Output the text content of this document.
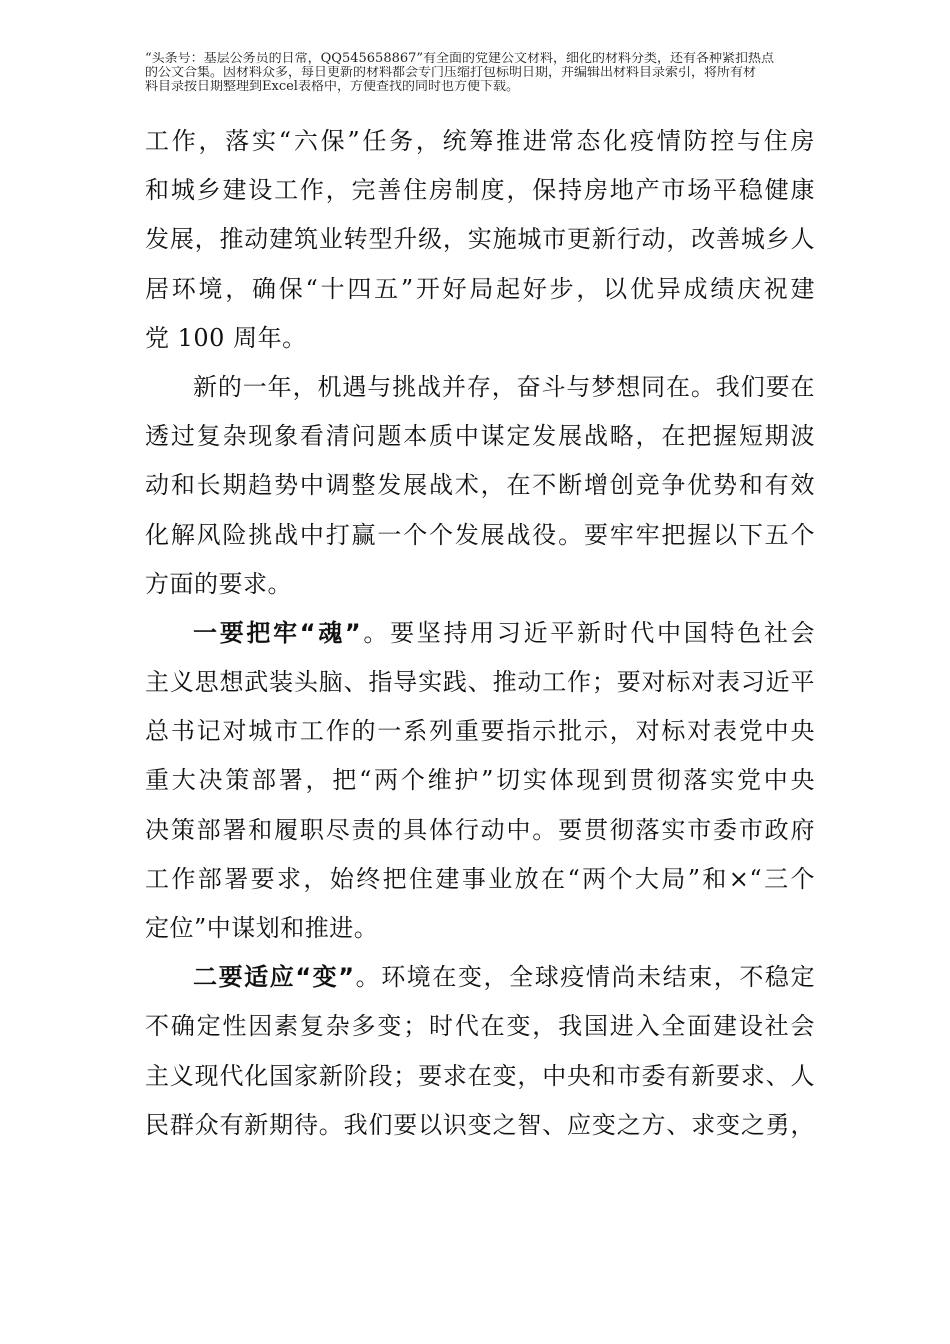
“头条号：基层公务员的日常，QQ545658867”有全面的党建公文材料，细化的材料分类，还有各种紧扣热点
的公文合集。因材料众多，每日更新的材料都会专门压缩打包标明日期，并编辑出材料目录索引，将所有材
料目录按日期整理到Excel表格中，方便查找的同时也方便下载。
工作，落实“六保”任务，统筹推进常态化疫情防控与住房
和城乡建设工作，完善住房制度，保持房地产市场平稳健康
发展，推动建筑业转型升级，实施城市更新行动，改善城乡人
居环境，确保“十四五”开好局起好步，以优异成绩庆祝建
党 100 周年。
新的一年，机遇与挑战并存，奋斗与梦想同在。我们要在
透过复杂现象看清问题本质中谋定发展战略，在把握短期波
动和长期趋势中调整发展战术，在不断增创竞争优势和有效
化解风险挑战中打赢一个个发展战役。要牢牢把握以下五个
方面的要求。
一要把牢“魂”。要坚持用习近平新时代中国特色社会
主义思想武装头脑、指导实践、推动工作；要对标对表习近平
总书记对城市工作的一系列重要指示批示，对标对表党中央
重大决策部署，把“两个维护”切实体现到贯彻落实党中央
决策部署和履职尽责的具体行动中。要贯彻落实市委市政府
工作部署要求，始终把住建事业放在“两个大局”和×“三个
定位”中谋划和推进。
二要适应“变”。环境在变，全球疫情尚未结束，不稳定
不确定性因素复杂多变；时代在变，我国进入全面建设社会
主义现代化国家新阶段；要求在变，中央和市委有新要求、人
民群众有新期待。我们要以识变之智、应变之方、求变之勇，
